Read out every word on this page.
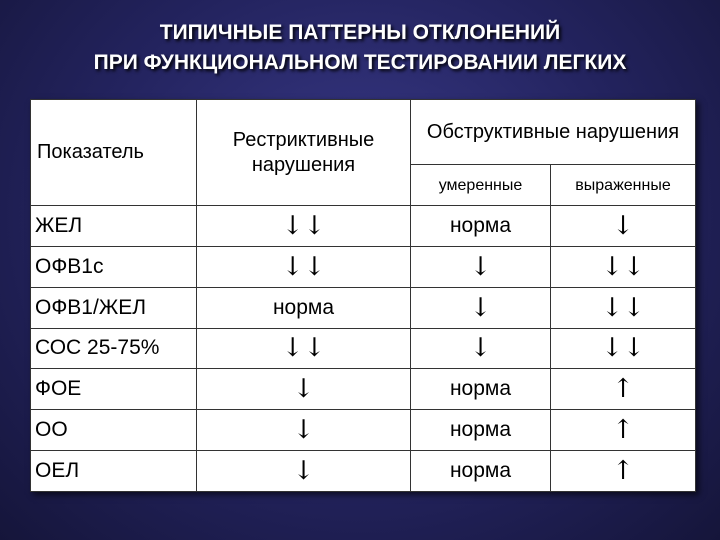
ТИПИЧНЫЕ ПАТТЕРНЫ ОТКЛОНЕНИЙ
ПРИ ФУНКЦИОНАЛЬНОМ ТЕСТИРОВАНИИ ЛЕГКИХ
Показатель	Рестриктивные нарушения	Обструктивные нарушения	
		умеренные	выраженные
ЖЕЛ	↓↓	норма	↓
ОФВ1с	↓↓	↓	↓↓
ОФВ1/ЖЕЛ	норма	↓	↓↓
СОС 25-75%	↓↓	↓	↓↓
ФОЕ	↓	норма	↑
ОО	↓	норма	↑
ОЕЛ	↓	норма	↑
